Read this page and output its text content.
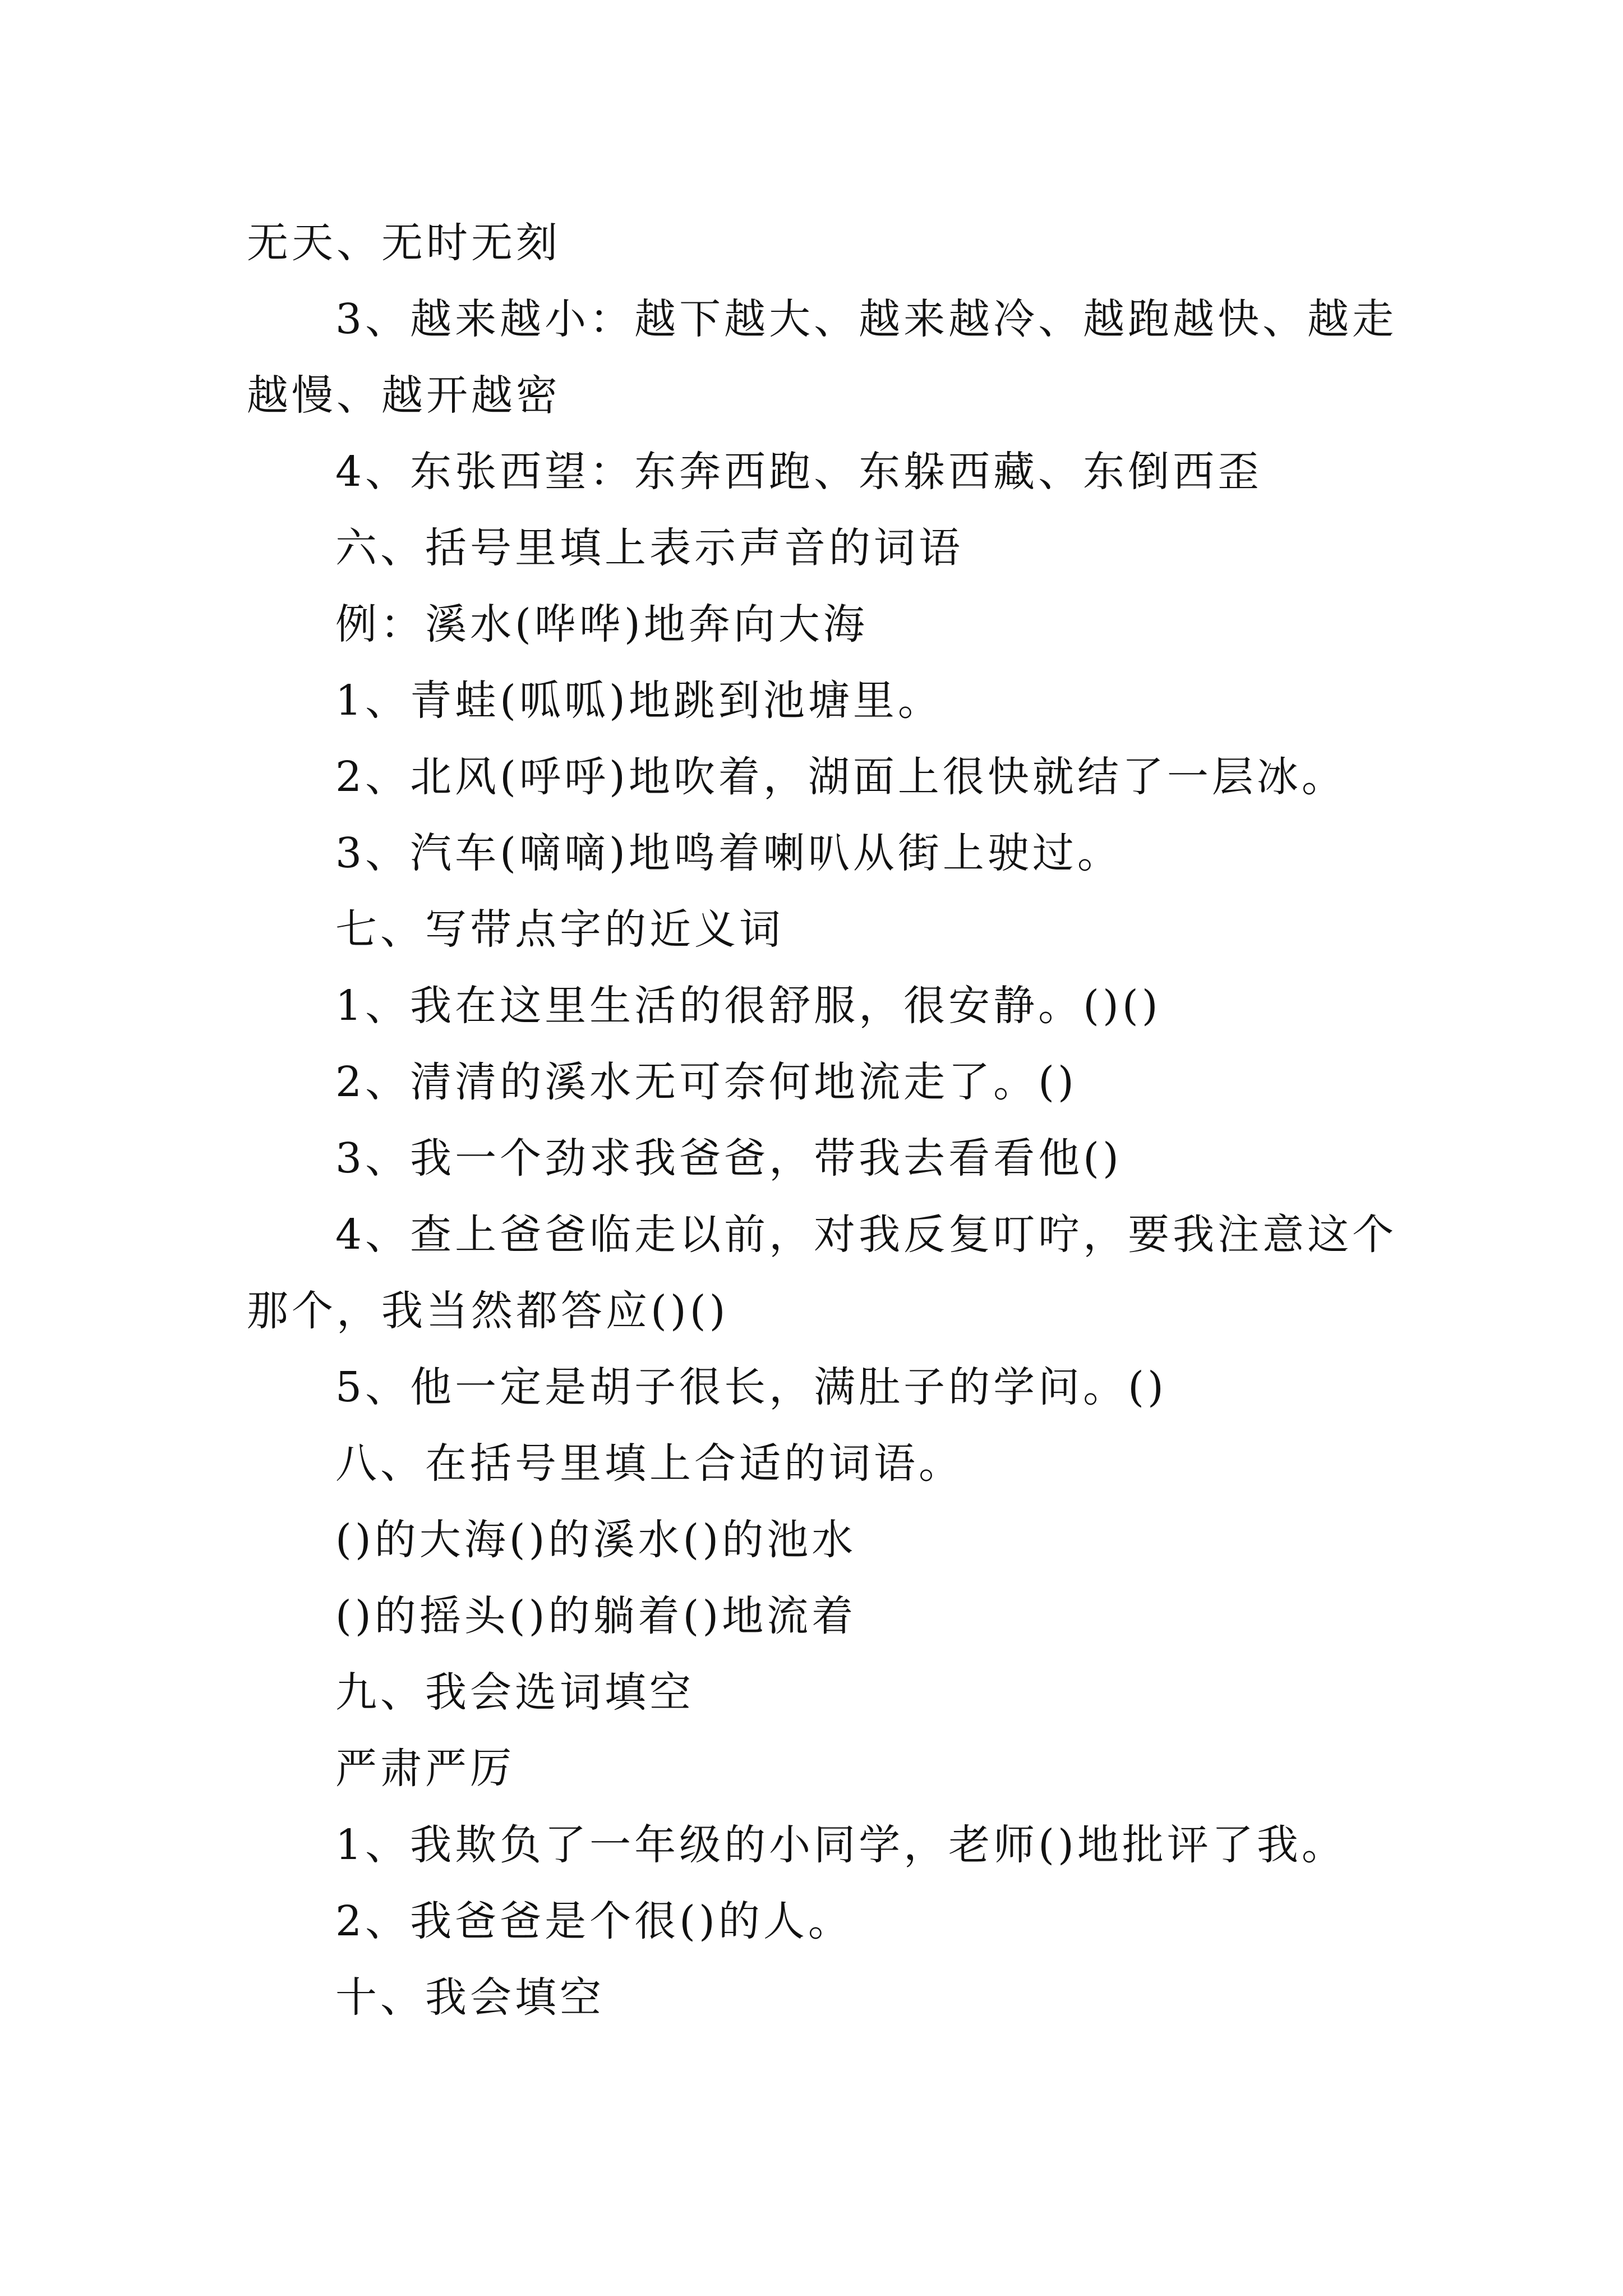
无天、无时无刻
3、越来越小：越下越大、越来越冷、越跑越快、越走
越慢、越开越密
4、东张西望：东奔西跑、东躲西藏、东倒西歪
六、括号里填上表示声音的词语
例：溪水(哗哗)地奔向大海
1、青蛙(呱呱)地跳到池塘里。
2、北风(呼呼)地吹着，湖面上很快就结了一层冰。
3、汽车(嘀嘀)地鸣着喇叭从街上驶过。
七、写带点字的近义词
1、我在这里生活的很舒服，很安静。()()
2、清清的溪水无可奈何地流走了。()
3、我一个劲求我爸爸，带我去看看他()
4、查上爸爸临走以前，对我反复叮咛，要我注意这个
那个，我当然都答应()()
5、他一定是胡子很长，满肚子的学问。()
八、在括号里填上合适的词语。
()的大海()的溪水()的池水
()的摇头()的躺着()地流着
九、我会选词填空
严肃严厉
1、我欺负了一年级的小同学，老师()地批评了我。
2、我爸爸是个很()的人。
十、我会填空
